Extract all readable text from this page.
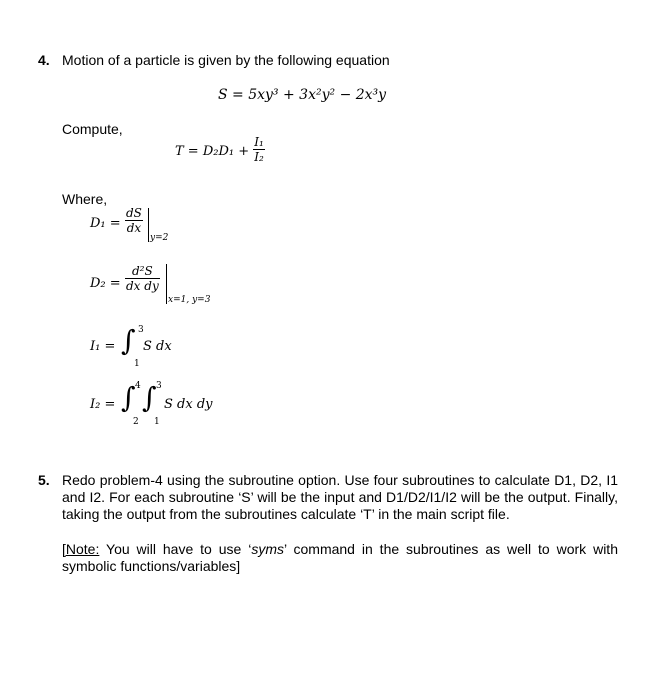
4. Motion of a particle is given by the following equation
S = 5xy³ + 3x²y² − 2x³y
Compute,
$T = D_2D_1 + \frac{\text{I₁}}{\text{I₂}}$
Where,
$D_1 = \frac{dS}{dx}$
y=2
$D_2 = \frac{\text{d²S}}{\text{dx dy}}$
x=1, y=3
I₁ = ∫ 3
1
S dx
I₂ = ∫ 4
2
∫ 3
1
S dx dy
5. Redo problem-4 using the subroutine option. Use four subroutines to calculate D1, D2, I1 and I2. For each subroutine ‘S’ will be the input and D1/D2/I1/I2 will be the output. Finally, taking the output from the subroutines calculate ‘T’ in the main script file.
[Note: You will have to use ‘syms’ command in the subroutines as well to work with symbolic functions/variables]
